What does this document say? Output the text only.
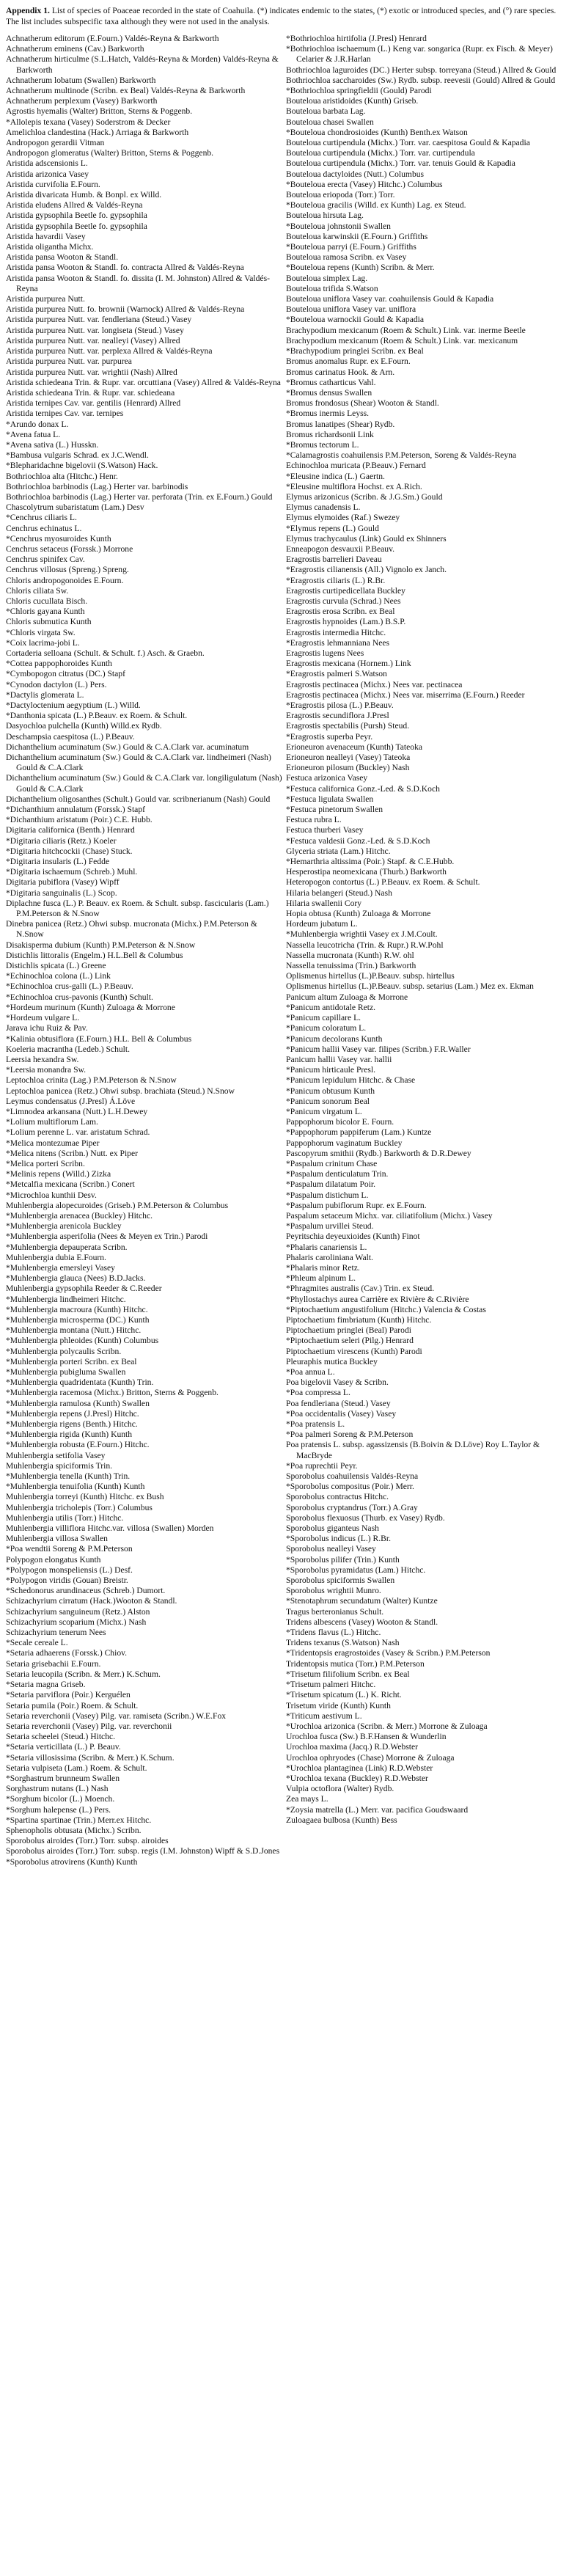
Appendix 1. List of species of Poaceae recorded in the state of Coahuila. (*) indicates endemic to the states, (*) exotic or introduced species, and (°) rare species. The list includes subspecific taxa although they were not used in the analysis.

Achnatherum editorum (E.Fourn.) Valdés-Reyna & Barkworth

Achnatherum eminens (Cav.) Barkworth

Achnatherum hirticulme (S.L.Hatch, Valdés-Reyna & Morden) Valdés-Reyna & Barkworth

Achnatherum lobatum (Swallen) Barkworth

Achnatherum multinode (Scribn. ex Beal) Valdés-Reyna & Barkworth

Achnatherum perplexum (Vasey) Barkworth

Agrostis hyemalis (Walter) Britton, Sterns & Poggenb.

*Allolepis texana (Vasey) Soderstrom & Decker

Amelichloa clandestina (Hack.) Arriaga & Barkworth

Andropogon gerardii Vitman

Andropogon glomeratus (Walter) Britton, Sterns & Poggenb.

Aristida adscensionis L.

Aristida arizonica Vasey

Aristida curvifolia E.Fourn.

Aristida divaricata Humb. & Bonpl. ex Willd.

Aristida eludens Allred & Valdés-Reyna

Aristida gypsophila Beetle fo. gypsophila

Aristida gypsophila Beetle fo. gypsophila

Aristida havardii Vasey

Aristida oligantha Michx.

Aristida pansa Wooton & Standl.

Aristida pansa Wooton & Standl. fo. contracta Allred & Valdés-Reyna

Aristida pansa Wooton & Standl. fo. dissita (I. M. Johnston) Allred & Valdés-Reyna

Aristida purpurea Nutt.

Aristida purpurea Nutt. fo. brownii (Warnock) Allred & Valdés-Reyna

Aristida purpurea Nutt. var. fendleriana (Steud.) Vasey

Aristida purpurea Nutt. var. longiseta (Steud.) Vasey

Aristida purpurea Nutt. var. nealleyi (Vasey) Allred

Aristida purpurea Nutt. var. perplexa Allred & Valdés-Reyna

Aristida purpurea Nutt. var. purpurea

Aristida purpurea Nutt. var. wrightii (Nash) Allred

Aristida schiedeana Trin. & Rupr. var. orcuttiana (Vasey) Allred & Valdés-Reyna

Aristida schiedeana Trin. & Rupr. var. schiedeana

Aristida ternipes Cav. var. gentilis (Henrard) Allred

Aristida ternipes Cav. var. ternipes

*Arundo donax L.

*Avena fatua L.

*Avena sativa (L.) Husskn.

*Bambusa vulgaris Schrad. ex J.C.Wendl.

*Blepharidachne bigelovii (S.Watson) Hack.

Bothriochloa alta (Hitchc.) Henr.

Bothriochloa barbinodis (Lag.) Herter var. barbinodis

Bothriochloa barbinodis (Lag.) Herter var. perforata (Trin. ex E.Fourn.) Gould

Chascolytrum subaristatum (Lam.) Desv

*Cenchrus ciliaris L.

Cenchrus echinatus L.

*Cenchrus myosuroides Kunth

Cenchrus setaceus (Forssk.) Morrone

Cenchrus spinifex Cav.

Cenchrus villosus (Spreng.) Spreng.

Chloris andropogonoides E.Fourn.

Chloris ciliata Sw.

Chloris cucullata Bisch.

*Chloris gayana Kunth

Chloris submutica Kunth

*Chloris virgata Sw.

*Coix lacrima-jobi L.

Cortaderia selloana (Schult. & Schult. f.) Asch. & Graebn.

*Cottea pappophoroides Kunth

*Cymbopogon citratus (DC.) Stapf

*Cynodon dactylon (L.) Pers.

*Dactylis glomerata L.

*Dactyloctenium aegyptium (L.) Willd.

*Danthonia spicata (L.) P.Beauv. ex Roem. & Schult.

Dasyochloa pulchella (Kunth) Willd.ex Rydb.

Deschampsia caespitosa (L.) P.Beauv.

Dichanthelium acuminatum (Sw.) Gould & C.A.Clark var. acuminatum

Dichanthelium acuminatum (Sw.) Gould & C.A.Clark var. lindheimeri (Nash) Gould & C.A.Clark

Dichanthelium acuminatum (Sw.) Gould & C.A.Clark var. longiligulatum (Nash) Gould & C.A.Clark

Dichanthelium oligosanthes (Schult.) Gould var. scribnerianum (Nash) Gould

*Dichanthium annulatum (Forssk.) Stapf

*Dichanthium aristatum (Poir.) C.E. Hubb.

Digitaria californica (Benth.) Henrard

*Digitaria ciliaris (Retz.) Koeler

*Digitaria hitchcockii (Chase) Stuck.

*Digitaria insularis (L.) Fedde

*Digitaria ischaemum (Schreb.) Muhl.

Digitaria pubiflora (Vasey) Wipff

*Digitaria sanguinalis (L.) Scop.

Diplachne fusca (L.) P. Beauv. ex Roem. & Schult. subsp. fascicularis (Lam.) P.M.Peterson & N.Snow

Dinebra panicea (Retz.) Ohwi subsp. mucronata (Michx.) P.M.Peterson & N.Snow

Disakisperma dubium (Kunth) P.M.Peterson & N.Snow

Distichlis littoralis (Engelm.) H.L.Bell & Columbus

Distichlis spicata (L.) Greene

*Echinochloa colona (L.) Link

*Echinochloa crus-galli (L.) P.Beauv.

*Echinochloa crus-pavonis (Kunth) Schult.

*Hordeum murinum (Kunth) Zuloaga & Morrone

*Hordeum vulgare L.

Jarava ichu Ruiz & Pav.

*Kalinia obtusiflora (E.Fourn.) H.L. Bell & Columbus

Koeleria macrantha (Ledeb.) Schult.

Leersia hexandra Sw.

*Leersia monandra Sw.

Leptochloa crinita (Lag.) P.M.Peterson & N.Snow

Leptochloa panicea (Retz.) Ohwi subsp. brachiata (Steud.) N.Snow

Leymus condensatus (J.Presl) Á.Löve

*Limnodea arkansana (Nutt.) L.H.Dewey

*Lolium multiflorum Lam.

*Lolium perenne L. var. aristatum Schrad.

*Melica montezumae Piper

*Melica nitens (Scribn.) Nutt. ex Piper

*Melica porteri Scribn.

*Melinis repens (Willd.) Zizka

*Metcalfia mexicana (Scribn.) Conert

*Microchloa kunthii Desv.

Muhlenbergia alopecuroides (Griseb.) P.M.Peterson & Columbus

*Muhlenbergia arenacea (Buckley) Hitchc.

*Muhlenbergia arenicola Buckley

*Muhlenbergia asperifolia (Nees & Meyen ex Trin.) Parodi

*Muhlenbergia depauperata Scribn.

Muhlenbergia dubia E.Fourn.

*Muhlenbergia emersleyi Vasey

*Muhlenbergia glauca (Nees) B.D.Jacks.

Muhlenbergia gypsophila Reeder & C.Reeder

*Muhlenbergia lindheimeri Hitchc.

*Muhlenbergia macroura (Kunth) Hitchc.

*Muhlenbergia microsperma (DC.) Kunth

*Muhlenbergia montana (Nutt.) Hitchc.

*Muhlenbergia phleoides (Kunth) Columbus

*Muhlenbergia polycaulis Scribn.

*Muhlenbergia porteri Scribn. ex Beal

*Muhlenbergia pubigluma Swallen

*Muhlenbergia quadridentata (Kunth) Trin.

*Muhlenbergia racemosa (Michx.) Britton, Sterns & Poggenb.

*Muhlenbergia ramulosa (Kunth) Swallen

*Muhlenbergia repens (J.Presl) Hitchc.

*Muhlenbergia rigens (Benth.) Hitchc.

*Muhlenbergia rigida (Kunth) Kunth

*Muhlenbergia robusta (E.Fourn.) Hitchc.

Muhlenbergia setifolia Vasey

Muhlenbergia spiciformis Trin.

*Muhlenbergia tenella (Kunth) Trin.

*Muhlenbergia tenuifolia (Kunth) Kunth

Muhlenbergia torreyi (Kunth) Hitchc. ex Bush

Muhlenbergia tricholepis (Torr.) Columbus

Muhlenbergia utilis (Torr.) Hitchc.

Muhlenbergia villiflora Hitchc.var. villosa (Swallen) Morden

Muhlenbergia villosa Swallen

*Poa wendtii Soreng & P.M.Peterson

Polypogon elongatus Kunth

*Polypogon monspeliensis (L.) Desf.

*Polypogon viridis (Gouan) Breistr.

*Schedonorus arundinaceus (Schreb.) Dumort.

Schizachyrium cirratum (Hack.)Wooton & Standl.

Schizachyrium sanguineum (Retz.) Alston

Schizachyrium scoparium (Michx.) Nash

Schizachyrium tenerum Nees

*Secale cereale L.

*Setaria adhaerens (Forssk.) Chiov.

Setaria grisebachii E.Fourn.

Setaria leucopila (Scribn. & Merr.) K.Schum.

*Setaria magna Griseb.

*Setaria parviflora (Poir.) Kerguélen

Setaria pumila (Poir.) Roem. & Schult.

Setaria reverchonii (Vasey) Pilg. var. ramiseta (Scribn.) W.E.Fox

Setaria reverchonii (Vasey) Pilg. var. reverchonii

Setaria scheelei (Steud.) Hitchc.

*Setaria verticillata (L.) P. Beauv.

*Setaria villosissima (Scribn. & Merr.) K.Schum.

Setaria vulpiseta (Lam.) Roem. & Schult.

*Sorghastrum brunneum Swallen

Sorghastrum nutans (L.) Nash

*Sorghum bicolor (L.) Moench.

*Sorghum halepense (L.) Pers.

*Spartina spartinae (Trin.) Merr.ex Hitchc.

Sphenopholis obtusata (Michx.) Scribn.

Sporobolus airoides (Torr.) Torr. subsp. airoides

Sporobolus airoides (Torr.) Torr. subsp. regis (I.M. Johnston) Wipff & S.D.Jones

*Sporobolus atrovirens (Kunth) Kunth

*Bothriochloa hirtifolia (J.Presl) Henrard

*Bothriochloa ischaemum (L.) Keng var. songarica (Rupr. ex Fisch. & Meyer) Celarier & J.R.Harlan

Bothriochloa laguroides (DC.) Herter subsp. torreyana (Steud.) Allred & Gould

Bothriochloa saccharoides (Sw.) Rydb. subsp. reevesii (Gould) Allred & Gould

*Bothriochloa springfieldii (Gould) Parodi

Bouteloua aristidoides (Kunth) Griseb.

Bouteloua barbata Lag.

Bouteloua chasei Swallen

*Bouteloua chondrosioides (Kunth) Benth.ex Watson

Bouteloua curtipendula (Michx.) Torr. var. caespitosa Gould & Kapadia

Bouteloua curtipendula (Michx.) Torr. var. curtipendula

Bouteloua curtipendula (Michx.) Torr. var. tenuis Gould & Kapadia

Bouteloua dactyloides (Nutt.) Columbus

*Bouteloua erecta (Vasey) Hitchc.) Columbus

Bouteloua eriopoda (Torr.) Torr.

*Bouteloua gracilis (Willd. ex Kunth) Lag. ex Steud.

Bouteloua hirsuta Lag.

*Bouteloua johnstonii Swallen

Bouteloua karwinskii (E.Fourn.) Griffiths

*Bouteloua parryi (E.Fourn.) Griffiths

Bouteloua ramosa Scribn. ex Vasey

*Bouteloua repens (Kunth) Scribn. & Merr.

Bouteloua simplex Lag.

Bouteloua trifida S.Watson

Bouteloua uniflora Vasey var. coahuilensis Gould & Kapadia

Bouteloua uniflora Vasey var. uniflora

*Bouteloua warnockii Gould & Kapadia

Brachypodium mexicanum (Roem & Schult.) Link. var. inerme Beetle

Brachypodium mexicanum (Roem & Schult.) Link. var. mexicanum

*Brachypodium pringlei Scribn. ex Beal

Bromus anomalus Rupr. ex E.Fourn.

Bromus carinatus Hook. & Arn.

*Bromus catharticus Vahl.

*Bromus densus Swallen

Bromus frondosus (Shear) Wooton & Standl.

*Bromus inermis Leyss.

Bromus lanatipes (Shear) Rydb.

Bromus richardsonii Link

*Bromus tectorum L.

*Calamagrostis coahuilensis P.M.Peterson, Soreng & Valdés-Reyna

Echinochloa muricata (P.Beauv.) Fernard

*Eleusine indica (L.) Gaertn.

*Eleusine multiflora Hochst. ex A.Rich.

Elymus arizonicus (Scribn. & J.G.Sm.) Gould

Elymus canadensis L.

Elymus elymoides (Raf.) Swezey

*Elymus repens (L.) Gould

Elymus trachycaulus (Link) Gould ex Shinners

Enneapogon desvauxii P.Beauv.

Eragrostis barrelieri Daveau

*Eragrostis cilianensis (All.) Vignolo ex Janch.

*Eragrostis ciliaris (L.) R.Br.

Eragrostis curtipedicellata Buckley

Eragrostis curvula (Schrad.) Nees

Eragrostis erosa Scribn. ex Beal

Eragrostis hypnoides (Lam.) B.S.P.

Eragrostis intermedia Hitchc.

*Eragrostis lehmanniana Nees

Eragrostis lugens Nees

Eragrostis mexicana (Hornem.) Link

*Eragrostis palmeri S.Watson

Eragrostis pectinacea (Michx.) Nees var. pectinacea

Eragrostis pectinacea (Michx.) Nees var. miserrima (E.Fourn.) Reeder

*Eragrostis pilosa (L.) P.Beauv.

Eragrostis secundiflora J.Presl

Eragrostis spectabilis (Pursh) Steud.

*Eragrostis superba Peyr.

Erioneuron avenaceum (Kunth) Tateoka

Erioneuron nealleyi (Vasey) Tateoka

Erioneuron pilosum (Buckley) Nash

Festuca arizonica Vasey

*Festuca californica Gonz.-Led. & S.D.Koch

*Festuca ligulata Swallen

*Festuca pinetorum Swallen

Festuca rubra L.

Festuca thurberi Vasey

*Festuca valdesii Gonz.-Led. & S.D.Koch

Glyceria striata (Lam.) Hitchc.

*Hemarthria altissima (Poir.) Stapf. & C.E.Hubb.

Hesperostipa neomexicana (Thurb.) Barkworth

Heteropogon contortus (L.) P.Beauv. ex Roem. & Schult.

Hilaria belangeri (Steud.) Nash

Hilaria swallenii Cory

Hopia obtusa (Kunth) Zuloaga & Morrone

Hordeum jubatum L.

*Muhlenbergia wrightii Vasey ex J.M.Coult.

Nassella leucotricha (Trin. & Rupr.) R.W.Pohl

Nassella mucronata (Kunth) R.W. ohl

Nassella tenuissima (Trin.) Barkworth

Oplismenus hirtellus (L.)P.Beauv. subsp. hirtellus

Oplismenus hirtellus (L.)P.Beauv. subsp. setarius (Lam.) Mez ex. Ekman

Panicum altum Zuloaga & Morrone

*Panicum antidotale Retz.

*Panicum capillare L.

*Panicum coloratum L.

*Panicum decolorans Kunth

*Panicum hallii Vasey var. filipes (Scribn.) F.R.Waller

Panicum hallii Vasey var. hallii

*Panicum hirticaule Presl.

*Panicum lepidulum Hitchc. & Chase

*Panicum obtusum Kunth

*Panicum sonorum Beal

*Panicum virgatum L.

Pappophorum bicolor E. Fourn.

*Pappophorum pappiferum (Lam.) Kuntze

Pappophorum vaginatum Buckley

Pascopyrum smithii (Rydb.) Barkworth & D.R.Dewey

*Paspalum crinitum Chase

*Paspalum denticulatum Trin.

*Paspalum dilatatum Poir.

*Paspalum distichum L.

*Paspalum pubiflorum Rupr. ex E.Fourn.

Paspalum setaceum Michx. var. ciliatifolium (Michx.) Vasey

*Paspalum urvillei Steud.

Peyritschia deyeuxioides (Kunth) Finot

*Phalaris canariensis L.

Phalaris caroliniana Walt.

*Phalaris minor Retz.

*Phleum alpinum L.

*Phragmites australis (Cav.) Trin. ex Steud.

*Phyllostachys aurea Carrière ex Rivière & C.Rivière

*Piptochaetium angustifolium (Hitchc.) Valencia & Costas

Piptochaetium fimbriatum (Kunth) Hitchc.

Piptochaetium pringlei (Beal) Parodi

*Piptochaetium seleri (Pilg.) Henrard

Piptochaetium virescens (Kunth) Parodi

Pleuraphis mutica Buckley

*Poa annua L.

Poa bigelovii Vasey & Scribn.

*Poa compressa L.

Poa fendleriana (Steud.) Vasey

*Poa occidentalis (Vasey) Vasey

*Poa pratensis L.

*Poa palmeri Soreng & P.M.Peterson

Poa pratensis L. subsp. agassizensis (B.Boivin & D.Löve) Roy L.Taylor & MacBryde

*Poa ruprechtii Peyr.

Sporobolus coahuilensis Valdés-Reyna

*Sporobolus compositus (Poir.) Merr.

Sporobolus contractus Hitchc.

Sporobolus cryptandrus (Torr.) A.Gray

Sporobolus flexuosus (Thurb. ex Vasey) Rydb.

Sporobolus giganteus Nash

*Sporobolus indicus (L.) R.Br.

Sporobolus nealleyi Vasey

*Sporobolus pilifer (Trin.) Kunth

*Sporobolus pyramidatus (Lam.) Hitchc.

Sporobolus spiciformis Swallen

Sporobolus wrightii Munro.

*Stenotaphrum secundatum (Walter) Kuntze

Tragus berteronianus Schult.

Tridens albescens (Vasey) Wooton & Standl.

*Tridens flavus (L.) Hitchc.

Tridens texanus (S.Watson) Nash

*Tridentopsis eragrostoides (Vasey & Scribn.) P.M.Peterson

Tridentopsis mutica (Torr.) P.M.Peterson

*Trisetum filifolium Scribn. ex Beal

*Trisetum palmeri Hitchc.

*Trisetum spicatum (L.) K. Richt.

Trisetum viride (Kunth) Kunth

*Triticum aestivum L.

*Urochloa arizonica (Scribn. & Merr.) Morrone & Zuloaga

Urochloa fusca (Sw.) B.F.Hansen & Wunderlin

Urochloa maxima (Jacq.) R.D.Webster

Urochloa ophryodes (Chase) Morrone & Zuloaga

*Urochloa plantaginea (Link) R.D.Webster

*Urochloa texana (Buckley) R.D.Webster

Vulpia octoflora (Walter) Rydb.

Zea mays L.

*Zoysia matrella (L.) Merr. var. pacifica Goudswaard

Zuloagaea bulbosa (Kunth) Bess
